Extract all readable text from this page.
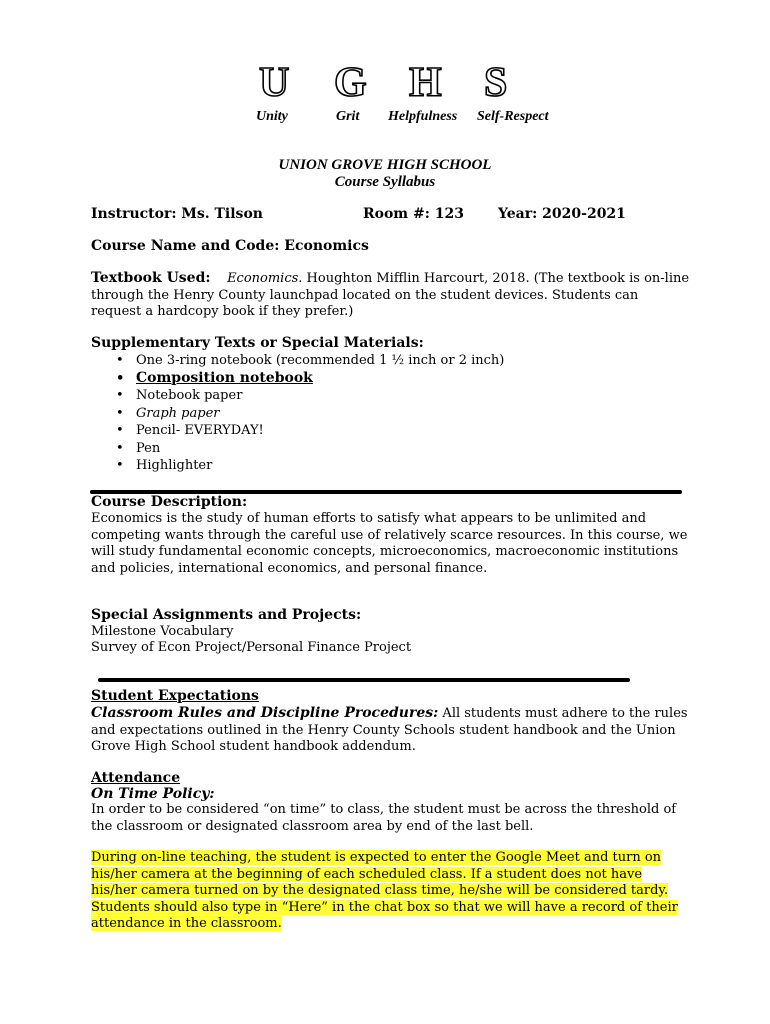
U G H S
Unity	Grit Helpfulness Self-Respect
UNION GROVE HIGH SCHOOL
Course Syllabus
Instructor: Ms. Tilson	Room #: 123 Year: 2020-2021
Course Name and Code: Economics
Textbook Used: Economics. Houghton Mifflin Harcourt, 2018. (The textbook is on-line through the Henry County launchpad located on the student devices. Students can request a hardcopy book if they prefer.)
Supplementary Texts or Special Materials:
• One 3-ring notebook (recommended 1 ½ inch or 2 inch)
• Composition notebook
• Notebook paper
• Graph paper
• Pencil- EVERYDAY!
• Pen
• Highlighter
Course Description:
Economics is the study of human efforts to satisfy what appears to be unlimited and competing wants through the careful use of relatively scarce resources. In this course, we will study fundamental economic concepts, microeconomics, macroeconomic institutions and policies, international economics, and personal finance.
Special Assignments and Projects:
Milestone Vocabulary
Survey of Econ Project/Personal Finance Project
Student Expectations
Classroom Rules and Discipline Procedures: All students must adhere to the rules and expectations outlined in the Henry County Schools student handbook and the Union Grove High School student handbook addendum.
Attendance
On Time Policy:
In order to be considered “on time” to class, the student must be across the threshold of the classroom or designated classroom area by end of the last bell.
During on-line teaching, the student is expected to enter the Google Meet and turn on his/her camera at the beginning of each scheduled class. If a student does not have his/her camera turned on by the designated class time, he/she will be considered tardy. Students should also type in “Here” in the chat box so that we will have a record of their attendance in the classroom.
